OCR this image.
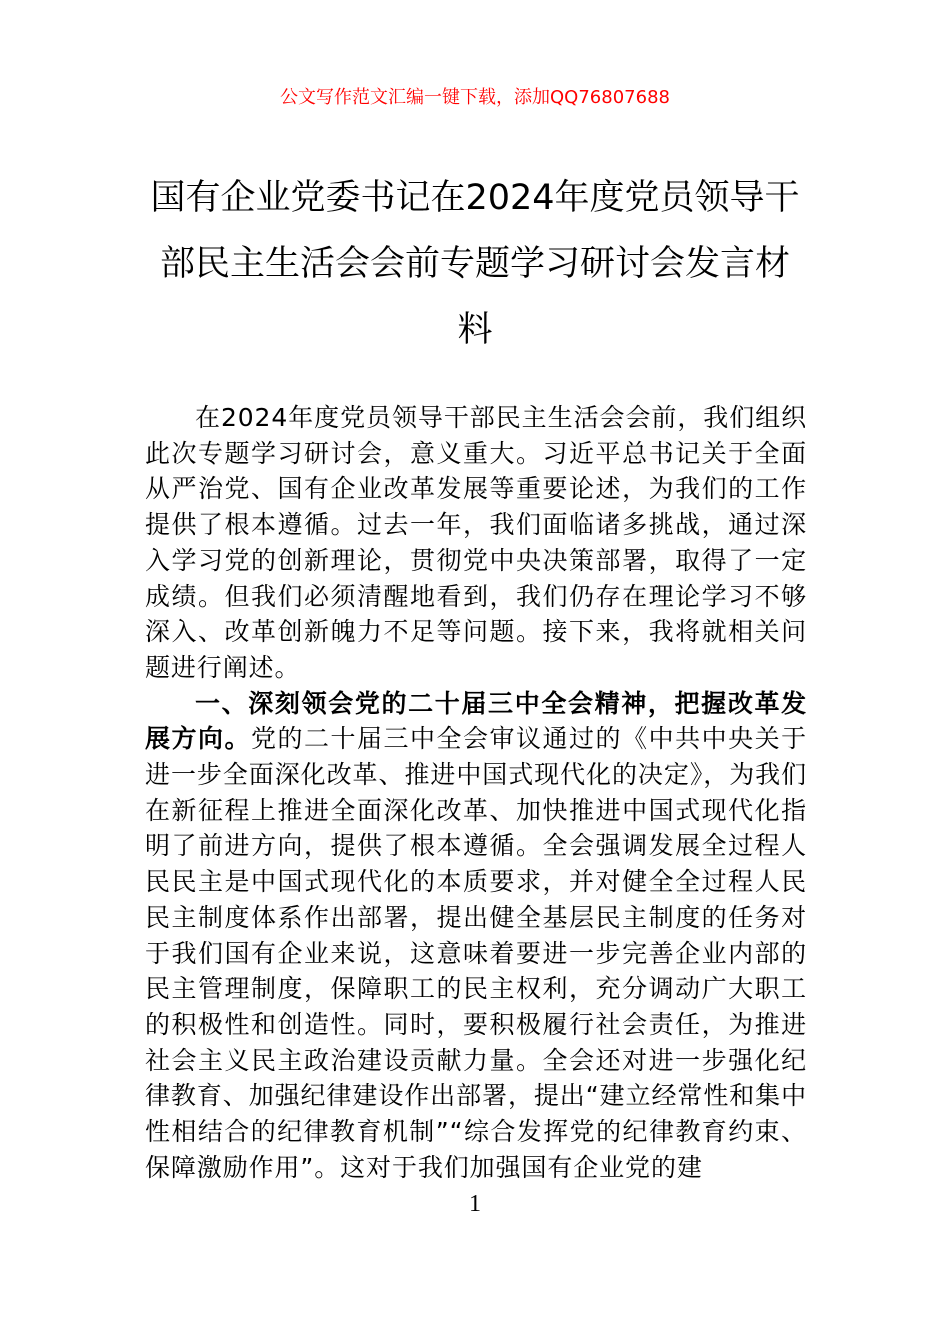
公文写作范文汇编一键下载，添加QQ76807688
国有企业党委书记在2024年度党员领导干部民主生活会会前专题学习研讨会发言材料

在2024年度党员领导干部民主生活会会前，我们组织此次专题学习研讨会，意义重大。习近平总书记关于全面从严治党、国有企业改革发展等重要论述，为我们的工作提供了根本遵循。过去一年，我们面临诸多挑战，通过深入学习党的创新理论，贯彻党中央决策部署，取得了一定成绩。但我们必须清醒地看到，我们仍存在理论学习不够深入、改革创新魄力不足等问题。接下来，我将就相关问题进行阐述。

一、深刻领会党的二十届三中全会精神，把握改革发展方向。党的二十届三中全会审议通过的《中共中央关于进一步全面深化改革、推进中国式现代化的决定》，为我们在新征程上推进全面深化改革、加快推进中国式现代化指明了前进方向，提供了根本遵循。全会强调发展全过程人民民主是中国式现代化的本质要求，并对健全全过程人民民主制度体系作出部署，提出健全基层民主制度的任务对于我们国有企业来说，这意味着要进一步完善企业内部的民主管理制度，保障职工的民主权利，充分调动广大职工的积极性和创造性。同时，要积极履行社会责任，为推进社会主义民主政治建设贡献力量。全会还对进一步强化纪律教育、加强纪律建设作出部署，提出“建立经常性和集中性相结合的纪律教育机制”“综合发挥党的纪律教育约束、保障激励作用”。这对于我们加强国有企业党的建

1
